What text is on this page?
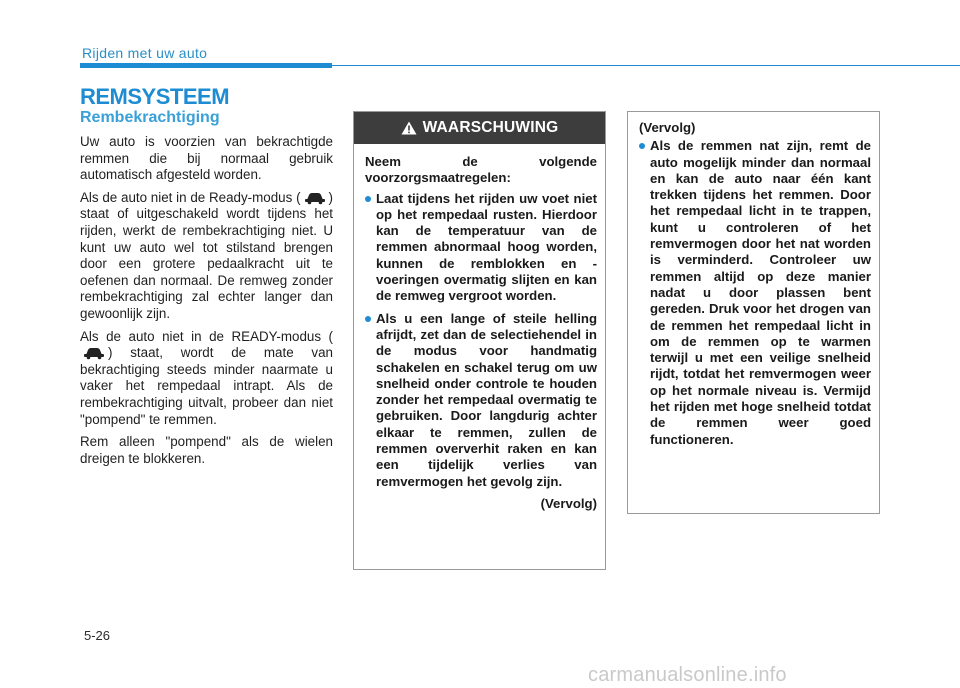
Rijden met uw auto
REMSYSTEEM
Rembekrachtiging

Uw auto is voorzien van bekrachtigde remmen die bij normaal gebruik automatisch afgesteld worden.

Als de auto niet in de Ready-modus ( ) staat of uitgeschakeld wordt tijdens het rijden, werkt de rembekrachtiging niet. U kunt uw auto wel tot stilstand brengen door een grotere pedaalkracht uit te oefenen dan normaal. De remweg zonder rembekrachtiging zal echter langer dan gewoonlijk zijn.

Als de auto niet in de READY-modus () staat, wordt de mate van bekrachtiging steeds minder naarmate u vaker het rempedaal intrapt. Als de rembekrachtiging uitvalt, probeer dan niet "pompend" te remmen.

Rem alleen "pompend" als de wielen dreigen te blokkeren.

WAARSCHUWING
Neem de volgende voorzorgsmaatregelen:
Laat tijdens het rijden uw voet niet op het rempedaal rusten. Hierdoor kan de temperatuur van de remmen abnormaal hoog worden, kunnen de remblokken en -voeringen overmatig slijten en kan de remweg vergroot worden.
Als u een lange of steile helling afrijdt, zet dan de selectiehendel in de modus voor handmatig schakelen en schakel terug om uw snelheid onder controle te houden zonder het rempedaal overmatig te gebruiken. Door langdurig achter elkaar te remmen, zullen de remmen oververhit raken en kan een tijdelijk verlies van remvermogen het gevolg zijn.
(Vervolg)
(Vervolg)
Als de remmen nat zijn, remt de auto mogelijk minder dan normaal en kan de auto naar één kant trekken tijdens het remmen. Door het rempedaal licht in te trappen, kunt u controleren of het remvermogen door het nat worden is verminderd. Controleer uw remmen altijd op deze manier nadat u door plassen bent gereden. Druk voor het drogen van de remmen het rempedaal licht in om de remmen op te warmen terwijl u met een veilige snelheid rijdt, totdat het remvermogen weer op het normale niveau is. Vermijd het rijden met hoge snelheid totdat de remmen weer goed functioneren.
5-26
carmanualsonline.info
